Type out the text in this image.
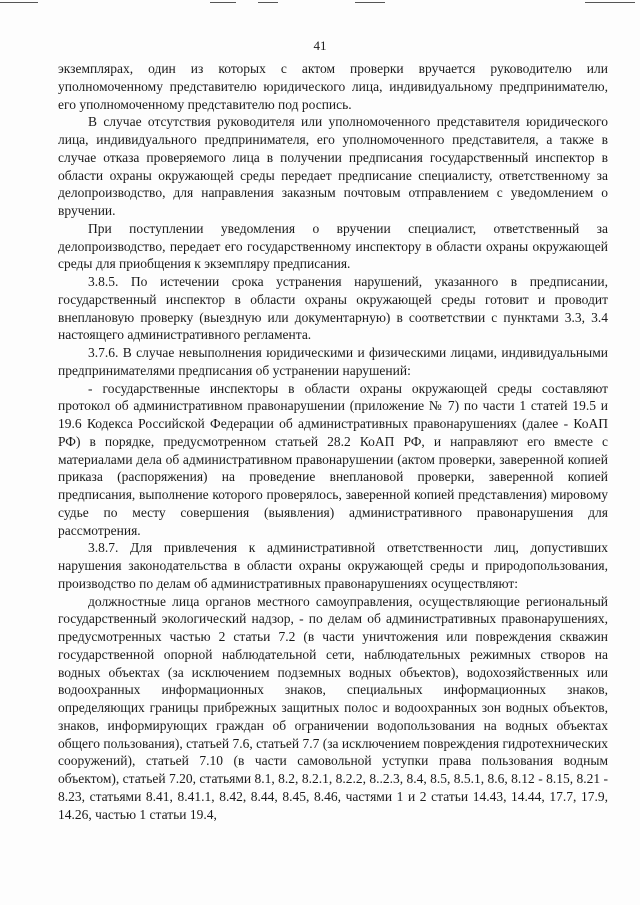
41

экземплярах, один из которых с актом проверки вручается руководителю или уполномоченному представителю юридического лица, индивидуальному предпринимателю, его уполномоченному представителю под роспись.

В случае отсутствия руководителя или уполномоченного представителя юридического лица, индивидуального предпринимателя, его уполномоченного представителя, а также в случае отказа проверяемого лица в получении предписания государственный инспектор в области охраны окружающей среды передает предписание специалисту, ответственному за делопроизводство, для направления заказным почтовым отправлением с уведомлением о вручении.

При поступлении уведомления о вручении специалист, ответственный за делопроизводство, передает его государственному инспектору в области охраны окружающей среды для приобщения к экземпляру предписания.

3.8.5. По истечении срока устранения нарушений, указанного в предписании, государственный инспектор в области охраны окружающей среды готовит и проводит внеплановую проверку (выездную или документарную) в соответствии с пунктами 3.3, 3.4 настоящего административного регламента.

3.7.6. В случае невыполнения юридическими и физическими лицами, индивидуальными предпринимателями предписания об устранении нарушений:

- государственные инспекторы в области охраны окружающей среды составляют протокол об административном правонарушении (приложение № 7) по части 1 статей 19.5 и 19.6 Кодекса Российской Федерации об административных правонарушениях (далее - КоАП РФ) в порядке, предусмотренном статьей 28.2 КоАП РФ, и направляют его вместе с материалами дела об административном правонарушении (актом проверки, заверенной копией приказа (распоряжения) на проведение внеплановой проверки, заверенной копией предписания, выполнение которого проверялось, заверенной копией представления) мировому судье по месту совершения (выявления) административного правонарушения для рассмотрения.

3.8.7. Для привлечения к административной ответственности лиц, допустивших нарушения законодательства в области охраны окружающей среды и природопользования, производство по делам об административных правонарушениях осуществляют:

должностные лица органов местного самоуправления, осуществляющие региональный государственный экологический надзор, - по делам об административных правонарушениях, предусмотренных частью 2 статьи 7.2 (в части уничтожения или повреждения скважин государственной опорной наблюдательной сети, наблюдательных режимных створов на водных объектах (за исключением подземных водных объектов), водохозяйственных или водоохранных информационных знаков, специальных информационных знаков, определяющих границы прибрежных защитных полос и водоохранных зон водных объектов, знаков, информирующих граждан об ограничении водопользования на водных объектах общего пользования), статьей 7.6, статьей 7.7 (за исключением повреждения гидротехнических сооружений), статьей 7.10 (в части самовольной уступки права пользования водным объектом), статьей 7.20, статьями 8.1, 8.2, 8.2.1, 8.2.2, 8..2.3, 8.4, 8.5, 8.5.1, 8.6, 8.12 - 8.15, 8.21 - 8.23, статьями 8.41, 8.41.1, 8.42, 8.44, 8.45, 8.46, частями 1 и 2 статьи 14.43, 14.44, 17.7, 17.9, 14.26, частью 1 статьи 19.4,
